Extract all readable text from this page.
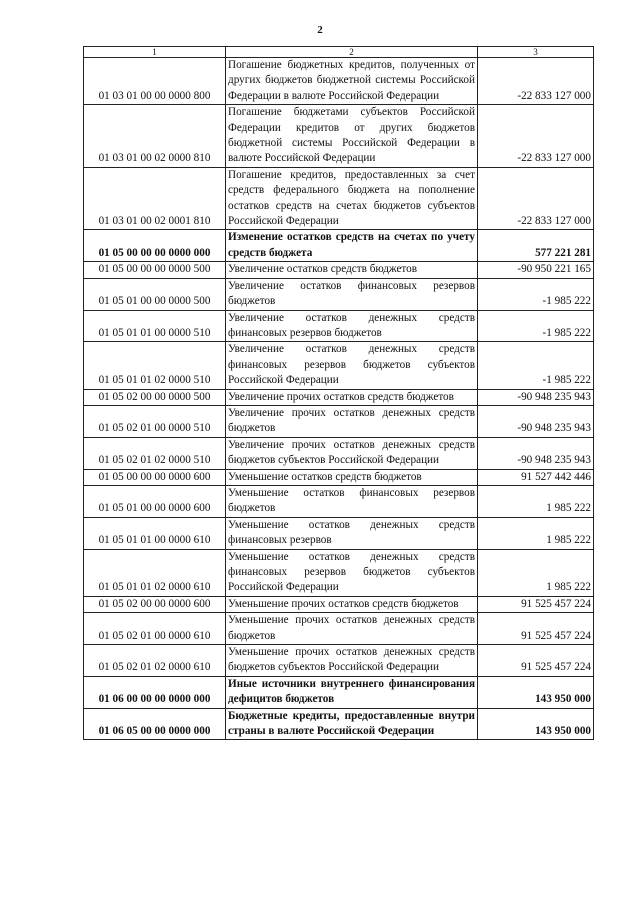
2
1	2	3
01 03 01 00 00 0000 800	Погашение бюджетных кредитов, полученных от других бюджетов бюджетной системы Российской Федерации в валюте Российской Федерации	-22 833 127 000
01 03 01 00 02 0000 810	Погашение бюджетами субъектов Российской Федерации кредитов от других бюджетов бюджетной системы Российской Федерации в валюте Российской Федерации	-22 833 127 000
01 03 01 00 02 0001 810	Погашение кредитов, предоставленных за счет средств федерального бюджета на пополнение остатков средств на счетах бюджетов субъектов Российской Федерации	-22 833 127 000
01 05 00 00 00 0000 000	Изменение остатков средств на счетах по учету средств бюджета	577 221 281
01 05 00 00 00 0000 500	Увеличение остатков средств бюджетов	-90 950 221 165
01 05 01 00 00 0000 500	Увеличение остатков финансовых резервов бюджетов	-1 985 222
01 05 01 01 00 0000 510	Увеличение остатков денежных средств финансовых резервов бюджетов	-1 985 222
01 05 01 01 02 0000 510	Увеличение остатков денежных средств финансовых резервов бюджетов субъектов Российской Федерации	-1 985 222
01 05 02 00 00 0000 500	Увеличение прочих остатков средств бюджетов	-90 948 235 943
01 05 02 01 00 0000 510	Увеличение прочих остатков денежных средств бюджетов	-90 948 235 943
01 05 02 01 02 0000 510	Увеличение прочих остатков денежных средств бюджетов субъектов Российской Федерации	-90 948 235 943
01 05 00 00 00 0000 600	Уменьшение остатков средств бюджетов	91 527 442 446
01 05 01 00 00 0000 600	Уменьшение остатков финансовых резервов бюджетов	1 985 222
01 05 01 01 00 0000 610	Уменьшение остатков денежных средств финансовых резервов	1 985 222
01 05 01 01 02 0000 610	Уменьшение остатков денежных средств финансовых резервов бюджетов субъектов Российской Федерации	1 985 222
01 05 02 00 00 0000 600	Уменьшение прочих остатков средств бюджетов	91 525 457 224
01 05 02 01 00 0000 610	Уменьшение прочих остатков денежных средств бюджетов	91 525 457 224
01 05 02 01 02 0000 610	Уменьшение прочих остатков денежных средств бюджетов субъектов Российской Федерации	91 525 457 224
01 06 00 00 00 0000 000	Иные источники внутреннего финансирования дефицитов бюджетов	143 950 000
01 06 05 00 00 0000 000	Бюджетные кредиты, предоставленные внутри страны в валюте Российской Федерации	143 950 000
